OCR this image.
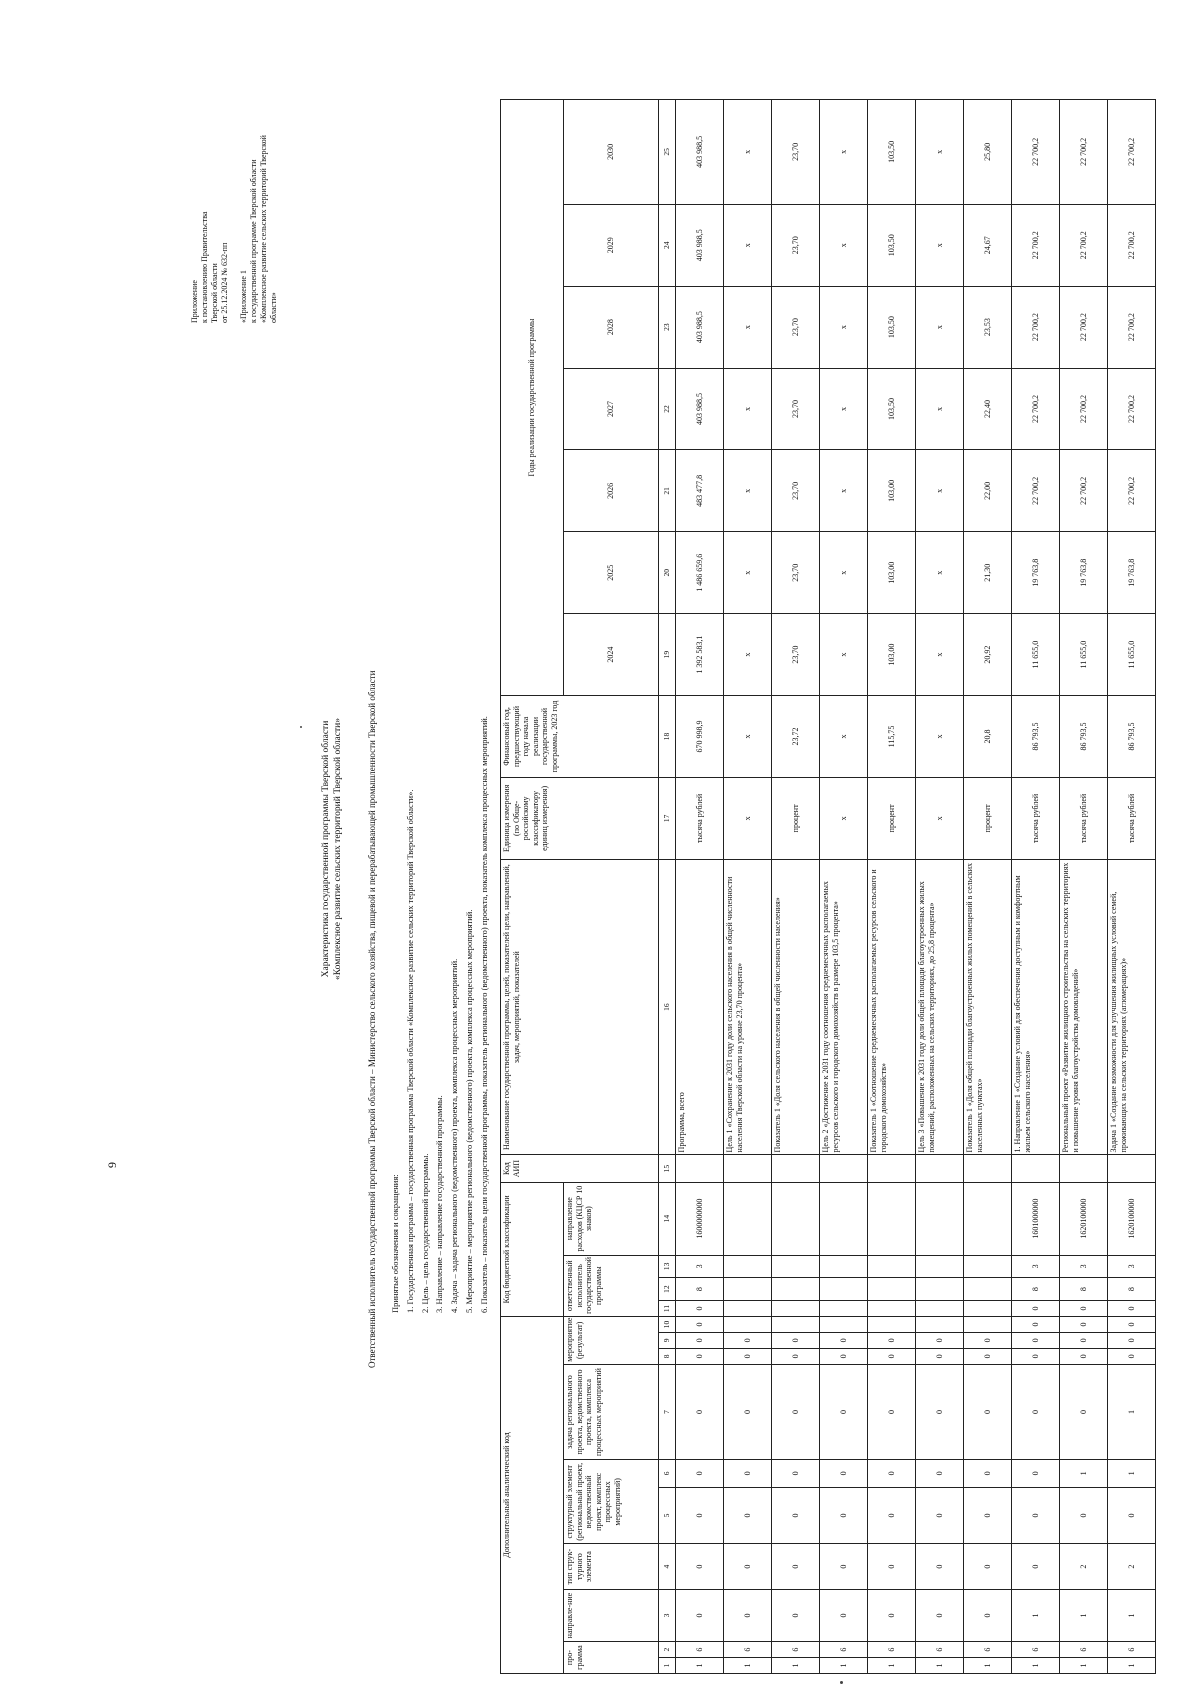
9
Приложение к постановлению Правительства Тверской области от 25.12.2024 № 632-пп «Приложение 1 к государственной программе Тверской области «Комплексное развитие сельских территорий Тверской области»
Характеристика государственной программы Тверской области «Комплексное развитие сельских территорий Тверской области»	Ответственный исполнитель государственной программы Тверской области – Министерство сельского хозяйства, пищевой и перерабатывающей промышленности Тверской области Принятые обозначения и сокращения: 1. Государственная программа – государственная программа Тверской области «Комплексное развитие сельских территорий Тверской области». 2. Цель – цель государственной программы. 3. Направление – направление государственной программы. 4. Задача – задача регионального (ведомственного) проекта, комплекса процессных мероприятий. 5. Мероприятие – мероприятие регионального (ведомственного) проекта, комплекса процессных мероприятий. 6. Показатель – показатель цели государственной программы, показатель регионального (ведомственного) проекта, показатель комплекса процессных мероприятий.
Дополнительный аналитический код										Код бюджетной классификации				Код АИП	Наименование государственной программы, целей, показателей цели, направлений, задач, мероприятий, показателей	Единица измерения (по Обще-российскому классификатору единиц измерения)	Финансовый год, предшествующий году начала реализации государственной программы, 2023 год	Годы реализации государственной программы						
про-грамма		направле-ние	тип струк-турного элемента	структурный элемент (региональный проект, ведомственный проект, комплекс процессных мероприятий)		задача регионального проекта, ведомственного проекта, комплекса процессных мероприятий	мероприятие (результат)			ответственный исполнитель государственной программы			направление расходов (КЦСР 10 знаков)					2024	2025	2026	2027	2028	2029	2030
1	2	3	4	5	6	7	8	9	10	11	12	13	14	15	16	17	18	19	20	21	22	23	24	25
1	6	0	0	0	0	0	0	0	0	0	8	3	1600000000		Программа, всего	тысяча рублей	670 998,9	1 392 583,1	1 486 659,6	483 477,8	403 988,5	403 988,5	403 988,5	403 988,5
1	6	0	0	0	0	0	0	0							Цель 1 «Сохранение к 2031 году доли сельского населения в общей численности населения Тверской области на уровне 23,70 процента»	х	х	х	х	х	х	х	х	х
1	6	0	0	0	0	0	0	0							Показатель 1 «Доля сельского населения в общей численности населения»	процент	23,72	23,70	23,70	23,70	23,70	23,70	23,70	23,70
1	6	0	0	0	0	0	0	0							Цель 2 «Достижение к 2031 году соотношения среднемесячных располагаемых ресурсов сельского и городского домохозяйств в размере 103,5 процента»	х	х	х	х	х	х	х	х	х
1	6	0	0	0	0	0	0	0							Показатель 1 «Соотношение среднемесячных располагаемых ресурсов сельского и городского домохозяйств»	процент	115,75	103,00	103,00	103,00	103,50	103,50	103,50	103,50
1	6	0	0	0	0	0	0	0							Цель 3 «Повышение к 2031 году доли общей площади благоустроенных жилых помещений, расположенных на сельских территориях, до 25,8 процента»	х	х	х	х	х	х	х	х	х
1	6	0	0	0	0	0	0	0							Показатель 1 «Доля общей площади благоустроенных жилых помещений в сельских населенных пунктах»	процент	20,8	20,92	21,30	22,00	22,40	23,53	24,67	25,80
1	6	1	0	0	0	0	0	0	0	0	8	3	1601000000		1. Направление 1 «Создание условий для обеспечения доступным и комфортным жильем сельского населения»	тысяча рублей	86 793,5	11 655,0	19 763,8	22 700,2	22 700,2	22 700,2	22 700,2	22 700,2
1	6	1	2	0	1	0	0	0	0	0	8	3	1620100000		Региональный проект «Развитие жилищного строительства на сельских территориях и повышение уровня благоустройства домовладений»	тысяча рублей	86 793,5	11 655,0	19 763,8	22 700,2	22 700,2	22 700,2	22 700,2	22 700,2
1	6	1	2	0	1	1	0	0	0	0	8	3	1620100000		Задача 1 «Создание возможности для улучшения жилищных условий семей, проживающих на сельских территориях (агломерациях)»	тысяча рублей	86 793,5	11 655,0	19 763,8	22 700,2	22 700,2	22 700,2	22 700,2	22 700,2
